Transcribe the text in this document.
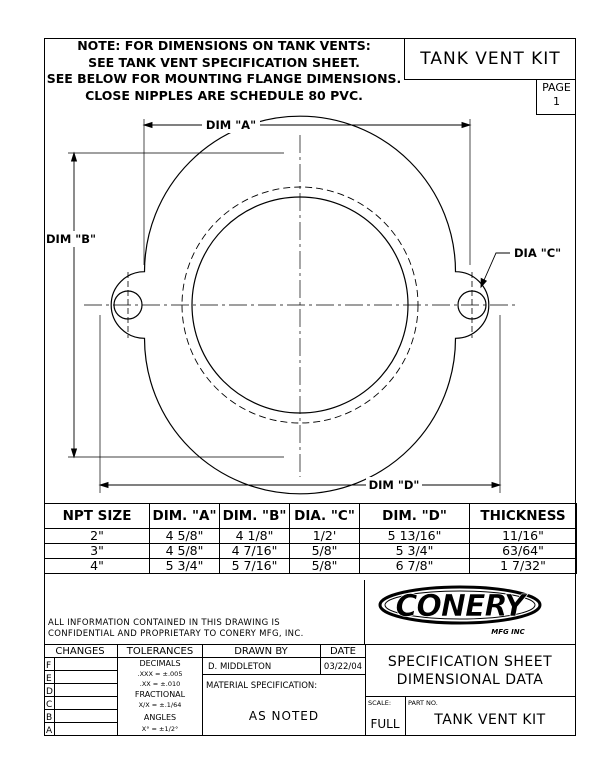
NOTE: FOR DIMENSIONS ON TANK VENTS:
SEE TANK VENT SPECIFICATION SHEET.
SEE BELOW FOR MOUNTING FLANGE DIMENSIONS.
CLOSE NIPPLES ARE SCHEDULE 80 PVC.
TANK VENT KIT
PAGE
1
DIM "A"
DIM "B"
DIA "C"
DIM "D"
NPT SIZE	DIM. "A"	DIM. "B"	DIA. "C"	DIM. "D"	THICKNESS
2"	4 5/8"	4 1/8"	1/2'	5 13/16"	11/16"
3"	4 5/8"	4 7/16"	5/8"	5 3/4"	63/64"
4"	5 3/4"	5 7/16"	5/8"	6 7/8"	1 7/32"
ALL INFORMATION CONTAINED IN THIS DRAWING IS
CONFIDENTIAL AND PROPRIETARY TO CONERY MFG, INC.
CONERY
MFG INC
CHANGES TOLERANCES	DRAWN BY	DATE
F
E
D
C
B
A
DECIMALS
.XXX = ±.005
.XX = ±.010
FRACTIONAL
X/X = ±.1/64
ANGLES
X° = ±1/2°
D. MIDDLETON	03/22/04
MATERIAL SPECIFICATION:
AS NOTED
SPECIFICATION SHEET
DIMENSIONAL DATA
SCALE:
FULL
PART NO.
TANK VENT KIT
